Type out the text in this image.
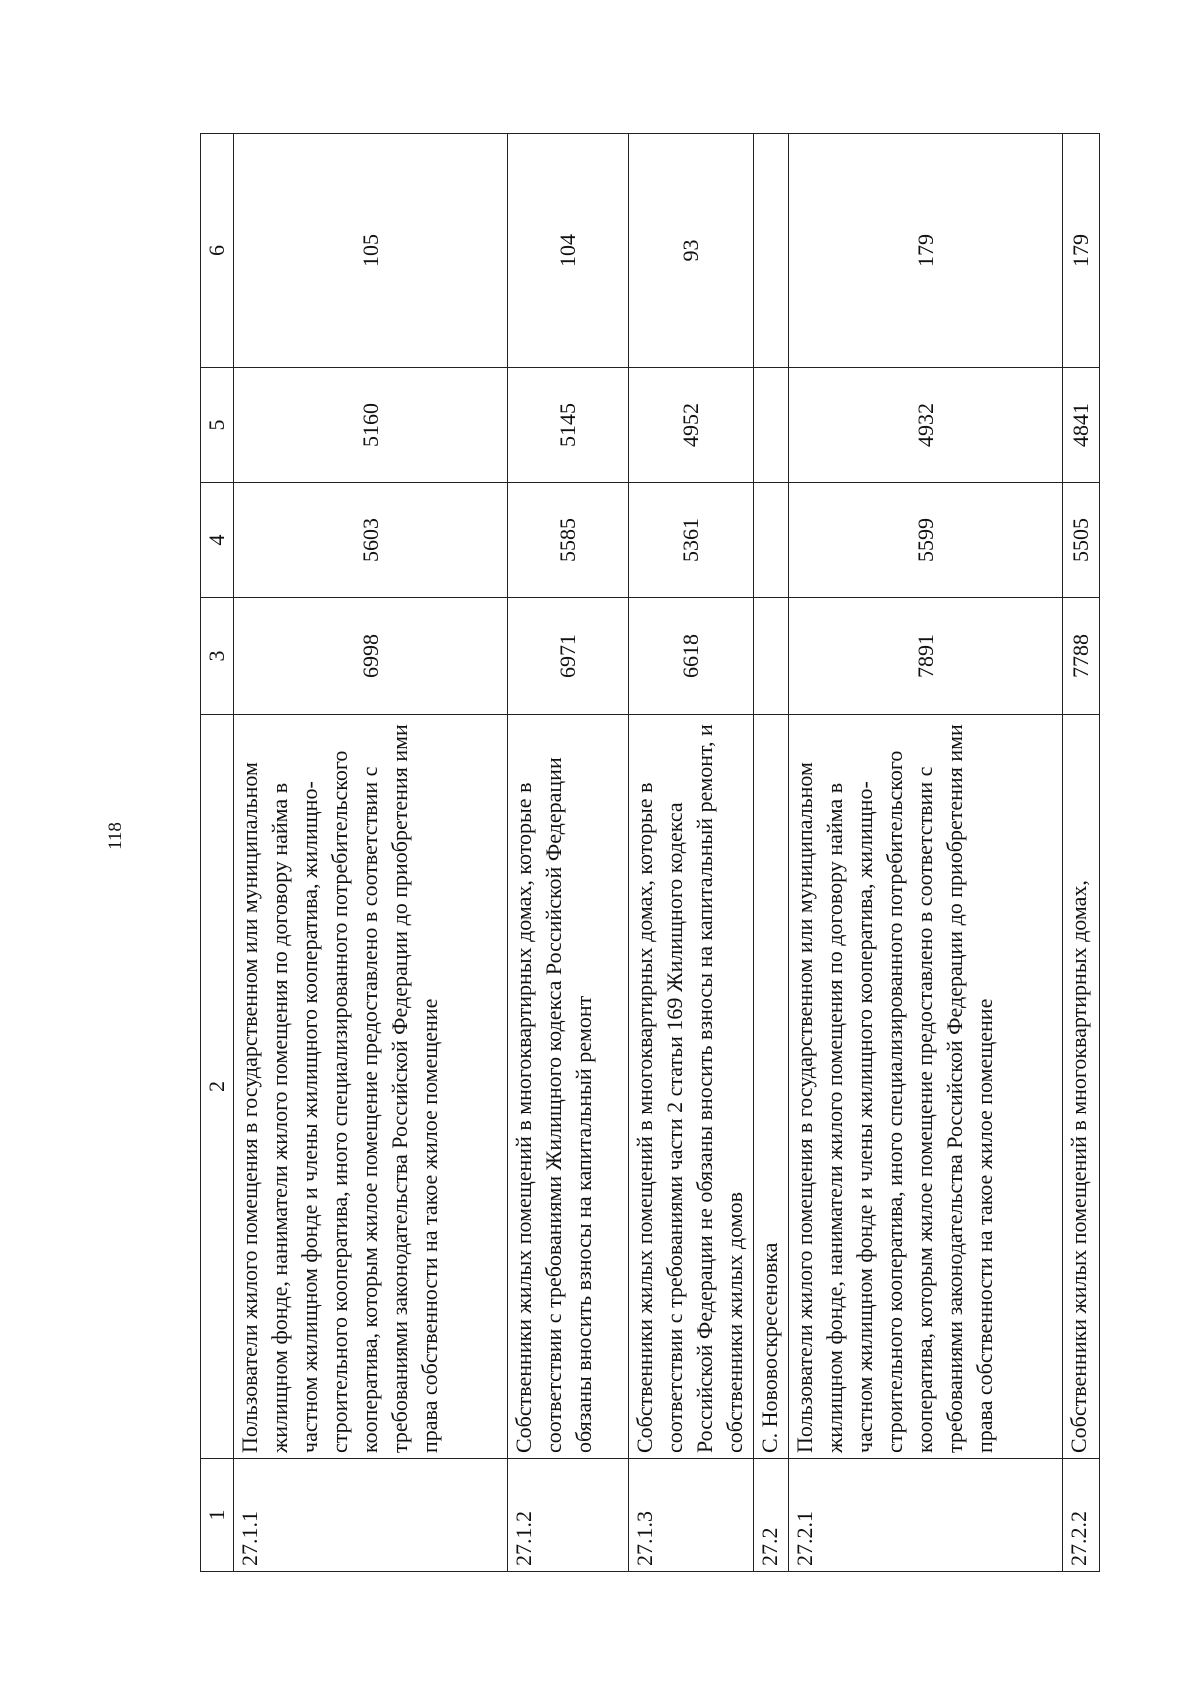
118
1	2	3	4	5	6
27.1.1	Пользователи жилого помещения в государственном или муниципальном жилищном фонде, наниматели жилого помещения по договору найма в частном жилищном фонде и члены жилищного кооператива, жилищно-строительного кооператива, иного специализированного потребительского кооператива, которым жилое помещение предоставлено в соответствии с требованиями законодательства Российской Федерации до приобретения ими права собственности на такое жилое помещение	6998	5603	5160	105
27.1.2	Собственники жилых помещений в многоквартирных домах, которые в соответствии с требованиями Жилищного кодекса Российской Федерации обязаны вносить взносы на капитальный ремонт	6971	5585	5145	104
27.1.3	Собственники жилых помещений в многоквартирных домах, которые в соответствии с требованиями части 2 статьи 169 Жилищного кодекса Российской Федерации не обязаны вносить взносы на капитальный ремонт, и собственники жилых домов	6618	5361	4952	93
27.2	С. Нововоскресеновка				
27.2.1	Пользователи жилого помещения в государственном или муниципальном жилищном фонде, наниматели жилого помещения по договору найма в частном жилищном фонде и члены жилищного кооператива, жилищно-строительного кооператива, иного специализированного потребительского кооператива, которым жилое помещение предоставлено в соответствии с требованиями законодательства Российской Федерации до приобретения ими права собственности на такое жилое помещение	7891	5599	4932	179
27.2.2	Собственники жилых помещений в многоквартирных домах,	7788	5505	4841	179
